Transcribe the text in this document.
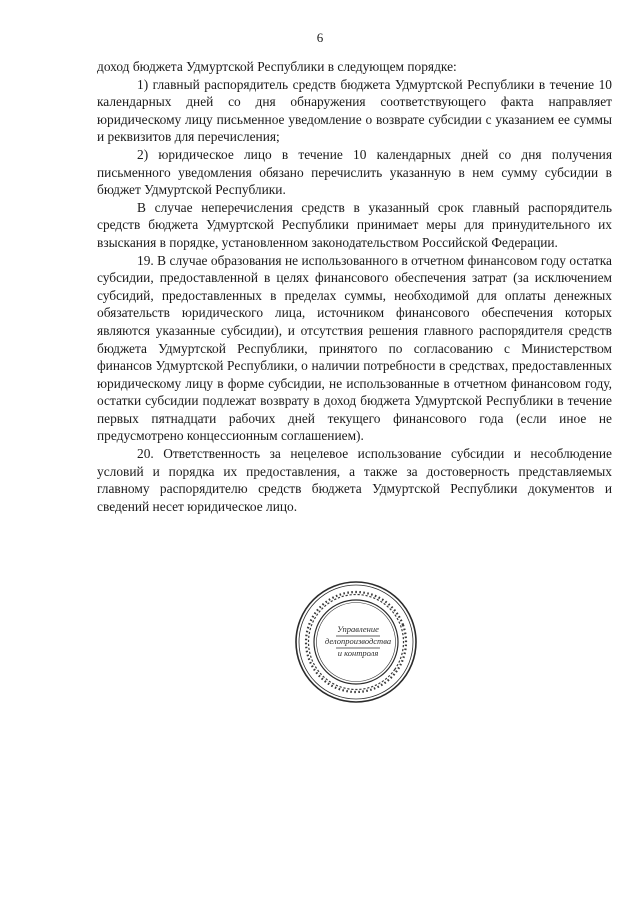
6

доход бюджета Удмуртской Республики в следующем порядке:

1) главный распорядитель средств бюджета Удмуртской Республики в течение 10 календарных дней со дня обнаружения соответствующего факта направляет юридическому лицу письменное уведомление о возврате субсидии с указанием ее суммы и реквизитов для перечисления;

2) юридическое лицо в течение 10 календарных дней со дня получения письменного уведомления обязано перечислить указанную в нем сумму субсидии в бюджет Удмуртской Республики.

В случае неперечисления средств в указанный срок главный распорядитель средств бюджета Удмуртской Республики принимает меры для принудительного их взыскания в порядке, установленном законодательством Российской Федерации.

19. В случае образования не использованного в отчетном финансовом году остатка субсидии, предоставленной в целях финансового обеспечения затрат (за исключением субсидий, предоставленных в пределах суммы, необходимой для оплаты денежных обязательств юридического лица, источником финансового обеспечения которых являются указанные субсидии), и отсутствия решения главного распорядителя средств бюджета Удмуртской Республики, принятого по согласованию с Министерством финансов Удмуртской Республики, о наличии потребности в средствах, предоставленных юридическому лицу в форме субсидии, не использованные в отчетном финансовом году, остатки субсидии подлежат возврату в доход бюджета Удмуртской Республики в течение первых пятнадцати рабочих дней текущего финансового года (если иное не предусмотрено концессионным соглашением).

20. Ответственность за нецелевое использование субсидии и несоблюдение условий и порядка их предоставления, а также за достоверность представляемых главному распорядителю средств бюджета Удмуртской Республики документов и сведений несет юридическое лицо.

Управление
делопроизводства
и контроля
